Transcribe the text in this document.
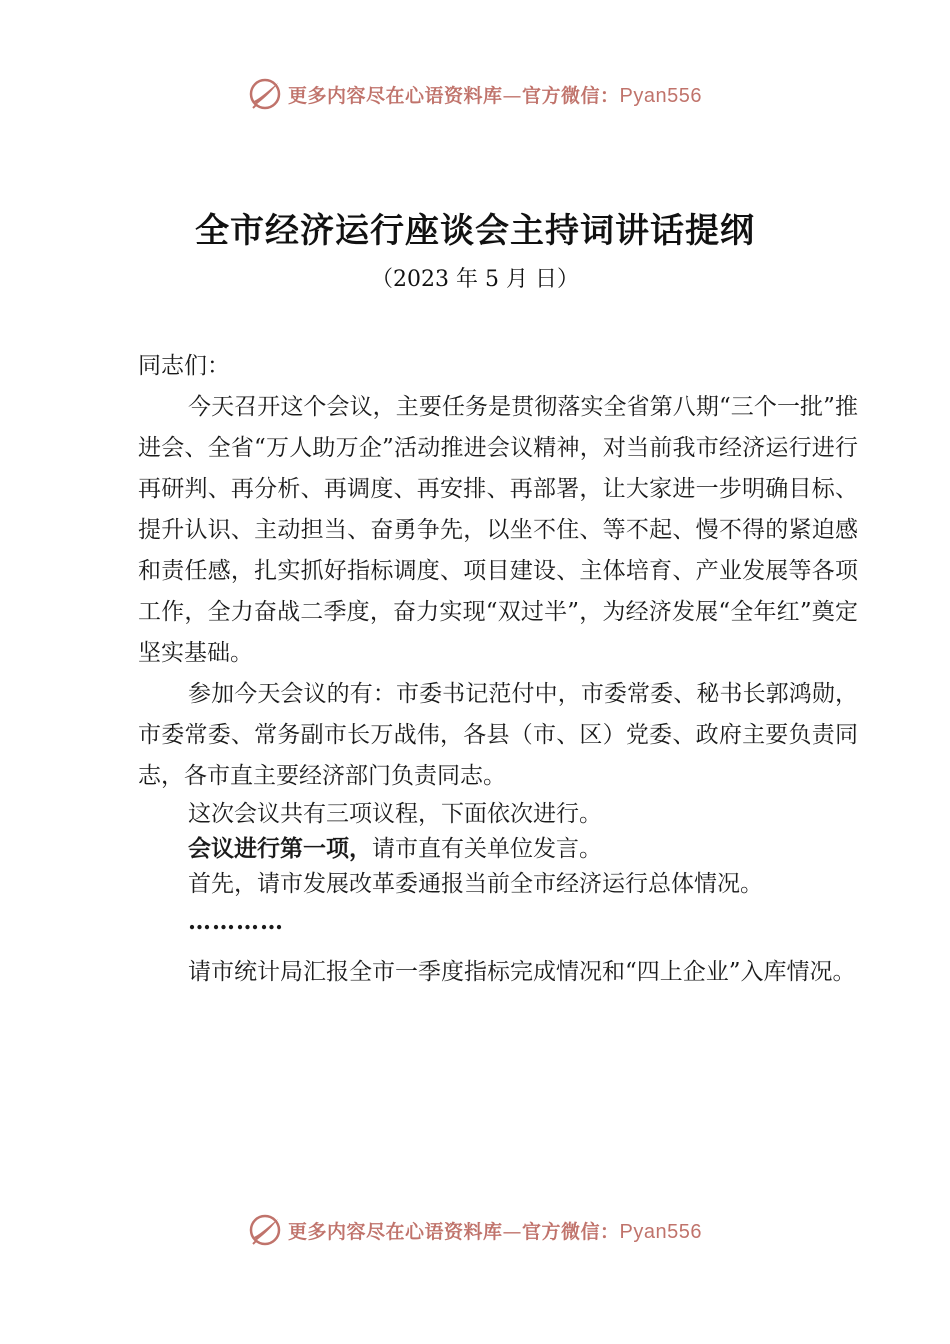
更多内容尽在心语资料库—官方微信：Pyan556
全市经济运行座谈会主持词讲话提纲
（2023 年 5 月 日）

同志们：

今天召开这个会议，主要任务是贯彻落实全省第八期“三个一批”推进会、全省“万人助万企”活动推进会议精神，对当前我市经济运行进行再研判、再分析、再调度、再安排、再部署，让大家进一步明确目标、提升认识、主动担当、奋勇争先，以坐不住、等不起、慢不得的紧迫感和责任感，扎实抓好指标调度、项目建设、主体培育、产业发展等各项工作，全力奋战二季度，奋力实现“双过半”，为经济发展“全年红”奠定坚实基础。

参加今天会议的有：市委书记范付中，市委常委、秘书长郭鸿勋，市委常委、常务副市长万战伟，各县（市、区）党委、政府主要负责同志，各市直主要经济部门负责同志。

这次会议共有三项议程，下面依次进行。

会议进行第一项，请市直有关单位发言。

首先，请市发展改革委通报当前全市经济运行总体情况。

…………

请市统计局汇报全市一季度指标完成情况和“四上企业”入库情况。

更多内容尽在心语资料库—官方微信：Pyan556
